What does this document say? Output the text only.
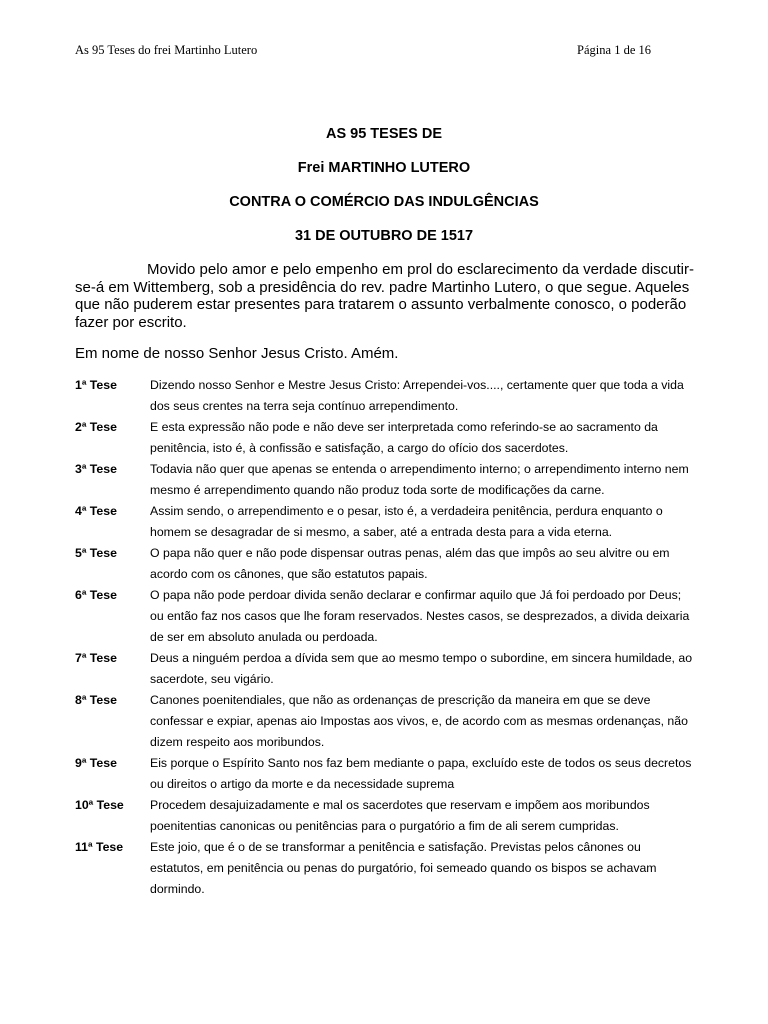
As 95 Teses do frei Martinho Lutero	Página 1 de 16
AS 95 TESES DE
Frei MARTINHO LUTERO
CONTRA O COMÉRCIO DAS INDULGÊNCIAS
31 DE OUTUBRO DE 1517
Movido pelo amor e pelo empenho em prol do esclarecimento da verdade discutir-se-á em Wittemberg, sob a presidência do rev. padre Martinho Lutero, o que segue. Aqueles que não puderem estar presentes para tratarem o assunto verbalmente conosco, o poderão fazer por escrito.
Em nome de nosso Senhor Jesus Cristo. Amém.
1ª Tese	Dizendo nosso Senhor e Mestre Jesus Cristo: Arrependei-vos...., certamente quer que toda a vida dos seus crentes na terra seja contínuo arrependimento.
2ª Tese	E esta expressão não pode e não deve ser interpretada como referindo-se ao sacramento da penitência, isto é, à confissão e satisfação, a cargo do ofício dos sacerdotes.
3ª Tese	Todavia não quer que apenas se entenda o arrependimento interno; o arrependimento interno nem mesmo é arrependimento quando não produz toda sorte de modificações da carne.
4ª Tese	Assim sendo, o arrependimento e o pesar, isto é, a verdadeira penitência, perdura enquanto o homem se desagradar de si mesmo, a saber, até a entrada desta para a vida eterna.
5ª Tese	O papa não quer e não pode dispensar outras penas, além das que impôs ao seu alvitre ou em acordo com os cânones, que são estatutos papais.
6ª Tese	O papa não pode perdoar divida senão declarar e confirmar aquilo que Já foi perdoado por Deus; ou então faz nos casos que lhe foram reservados. Nestes casos, se desprezados, a divida deixaria de ser em absoluto anulada ou perdoada.
7ª Tese	Deus a ninguém perdoa a dívida sem que ao mesmo tempo o subordine, em sincera humildade, ao sacerdote, seu vigário.
8ª Tese	Canones poenitendiales, que não as ordenanças de prescrição da maneira em que se deve confessar e expiar, apenas aio Impostas aos vivos, e, de acordo com as mesmas ordenanças, não dizem respeito aos moribundos.
9ª Tese	Eis porque o Espírito Santo nos faz bem mediante o papa, excluído este de todos os seus decretos ou direitos o artigo da morte e da necessidade suprema
10ª Tese	Procedem desajuizadamente e mal os sacerdotes que reservam e impõem aos moribundos poenitentias canonicas ou penitências para o purgatório a fim de ali serem cumpridas.
11ª Tese	Este joio, que é o de se transformar a penitência e satisfação. Previstas pelos cânones ou estatutos, em penitência ou penas do purgatório, foi semeado quando os bispos se achavam dormindo.
